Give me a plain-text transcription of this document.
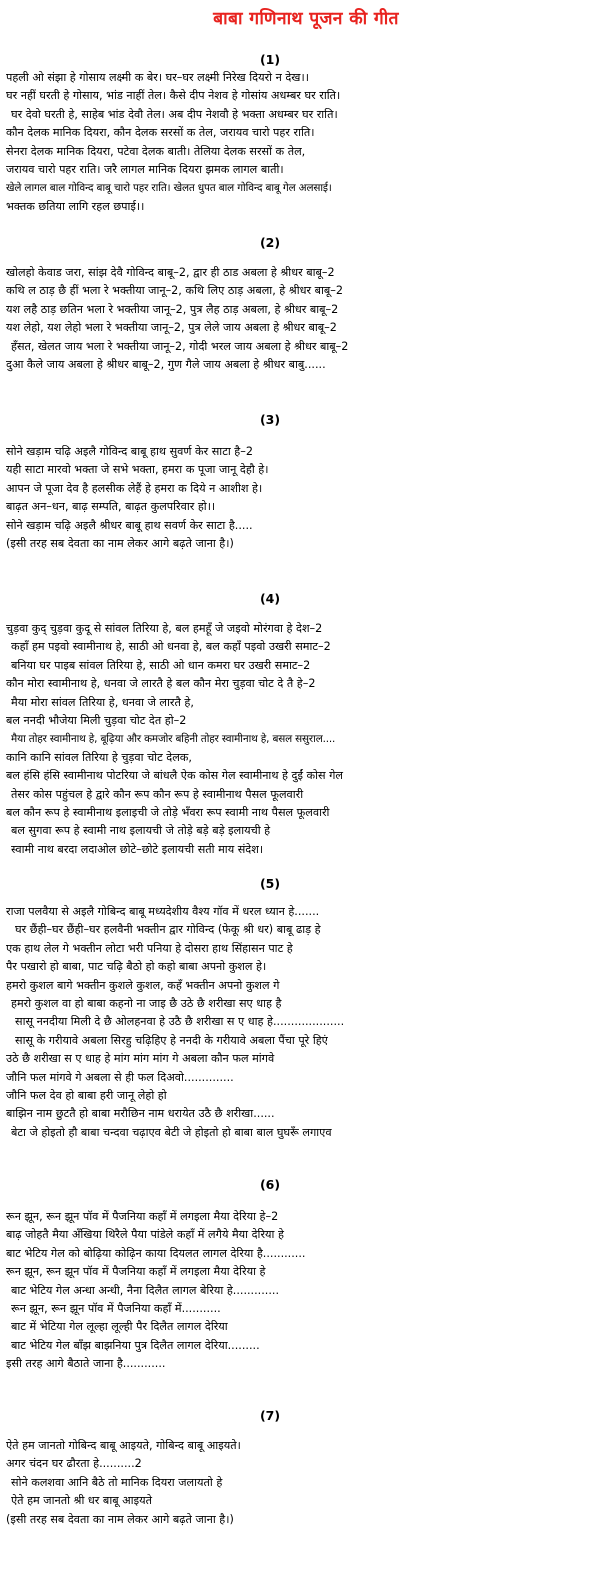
बाबा गणिनाथ पूजन की गीत
(1)
पहली ओ संझा हे गोसाय लक्ष्मी क बेर। घर–घर लक्ष्मी निरेख दियरो न देख।।
घर नहीं घरती हे गोसाय, भांड नाहीं तेल। कैसे दीप नेशव हे गोसांय अधम्बर घर राति।
घर देवो घरती हे, साहेब भांड देवौ तेल। अब दीप नेशवौ हे भक्ता अधम्बर घर राति।
कौन देलक मानिक दियरा, कौन देलक सरसों क तेल, जरायव चारो पहर राति।
सेनरा देलक मानिक दियरा, पटेवा देलक बाती। तेलिया देलक सरसों क तेल,
जरायव चारो पहर राति। जरै लागल मानिक दियरा झमक लागल बाती।
खेले लागल बाल गोविन्द बाबू चारो पहर राति। खेलत धुपत बाल गोविन्द बाबू गेल अलसाई।
भक्तक छतिया लागि रहल छपाई।।
(2)
खोलहो केवाड जरा, सांझ देवै गोविन्द बाबू–2, द्वार ही ठाड अबला हे श्रीधर बाबू–2
कथि ल ठाड़ छै हीं भला रे भक्तीया जानू–2, कथि लिए ठाड़ अबला, हे श्रीधर बाबू–2
यश लहै ठाड़ छतिन भला रे भक्तीया जानू–2, पुत्र लैह ठाड़ अबला, हे श्रीधर बाबू–2
यश लेहो, यश लेहो भला रे भक्तीया जानू–2, पुत्र लेले जाय अबला हे श्रीधर बाबू–2
हँसत, खेलत जाय भला रे भक्तीया जानू–2, गोदी भरल जाय अबला हे श्रीधर बाबू–2
दुआ कैले जाय अबला हे श्रीधर बाबू–2, गुण गैले जाय अबला हे श्रीधर बाबु......
(3)
सोने खड़ाम चढ़ि अइलै गोविन्द बाबू हाथ सुवर्ण केर साटा है–2
यही साटा मारवो भक्ता जे सभे भक्ता, हमरा क पूजा जानू देहौ हे।
आपन जे पूजा देव है हलसीक लेहैं हे हमरा क दिये न आशीश हे।
बाढ़त अन–धन, बाढ़ सम्पति, बाढ़त कुलपरिवार हो।।
सोने खड़ाम चढ़ि अइलै श्रीधर बाबू हाथ सवर्ण केर साटा है.....
(इसी तरह सब देवता का नाम लेकर आगे बढ़ते जाना है।)
(4)
चुड़वा कुद् चुड़वा कुदू से सांवल तिरिया हे, बल हमहूँ जे जइवो मोरंगवा हे देश–2
कहाँ हम पइवो स्वामीनाथ हे, साठी ओ धनवा हे, बल कहाँ पइवो उखरी समाट–2
बनिया घर पाइब सांवल तिरिया हे, साठी ओ धान कमरा घर उखरी समाट–2
कौन मोरा स्वामीनाथ हे, धनवा जे लारतै हे बल कौन मेरा चुड़वा चोट दे तै हे–2
मैया मोरा सांवल तिरिया हे, धनवा जे लारतै हे,
बल ननदी भौजेया मिली चुड़वा चोट देत हो–2
मैया तोहर स्वामीनाथ हे, बूढ़िया और कमजोर बहिनी तोहर स्वामीनाथ हे, बसल ससुराल....
कानि कानि सांवल तिरिया हे चुड़वा चोट देलक,
बल हंसि हंसि स्वामीनाथ पोटरिया जे बांधलै ऐक कोस गेल स्वामीनाथ हे दुईं कोस गेल
तेसर कोस पहुंचल हे द्वारे कौन रूप कौन रूप हे स्वामीनाथ पैसल फूलवारी
बल कौन रूप हे स्वामीनाथ इलाइची जे तोड़े भँवरा रूप स्वामी नाथ पैसल फूलवारी
बल सुगवा रूप हे स्वामी नाथ इलायची जे तोड़े बड़े बड़े इलायची हे
स्वामी नाथ बरदा लदाओल छोटे–छोटे इलायची सती माय संदेश।
(5)
राजा पलवैया से अइलै गोबिन्द बाबू मध्यदेशीय वैश्य गॉव में धरल ध्यान हे.......
घर छैंही–घर छैंही–घर हलवैनी भक्तीन द्वार गोविन्द (फेकू श्री धर) बाबू ढाड़ हे
एक हाथ लेल गे भक्तीन लोटा भरी पनिया हे दोसरा हाथ सिंहासन पाट हे
पैर पखारो हो बाबा, पाट चढ़ि बैठो हो कहो बाबा अपनो कुशल हे।
हमरो कुशल बागे भक्तीन कुशले कुशल, कहँ भक्तीन अपनो कुशल गे
हमरो कुशल वा हो बाबा कहनो ना जाइ छै उठे छै शरीखा सए धाह है
सासू ननदीया मिली दे छै ओलहनवा हे उठै छै शरीखा स ए धाह हे....................
सासू के गरीयावे अबला सिरहु चढ़िहिए हे ननदी के गरीयावे अबला पैंचा पूरे हिएं
उठे छै शरीखा स ए धाह हे मांग मांग मांग गे अबला कौन फल मांगवे
जौनि फल मांगवे गे अबला से ही फल दिअवो..............
जौनि फल देव हो बाबा हरी जानू लेहो हो
बाझिन नाम छुटतै हो बाबा मरौछिन नाम धरायेत उठै छै शरीखा......
बेटा जे होइतो हौ बाबा चन्दवा चढ़ाएव बेटी जे होइतो हो बाबा बाल घुघरूँ लगाएव
(6)
रून झून, रून झून पॉव में पैजनिया कहाँ में लगइला मैया देरिया हे–2
बाढ़ जोहतै मैया अँखिया थिरैले पैया पांडेले कहाँ में लगैये मैया देरिया हे
बाट भेटिय गेल को बोढ़िया कोढ़िन काया दियलत लागल देरिया है............
रून झून, रून झून पॉव में पैजनिया कहाँ में लगइला मैया देरिया हे
बाट भेटिय गेल अन्धा अन्धी, नैना दिलैत लागल बेरिया हे.............
रून झून, रून झून पॉव में पैजनिया कहाँ में...........
बाट में भेटिया गेल लूल्हा लूल्ही पैर दिलैत लागल देरिया
बाट भेटिय गेल बाँझ बाझनिया पुत्र दिलैत लागल देरिया.........
इसी तरह आगे बैठाते जाना है............
(7)
ऐते हम जानतो गोबिन्द बाबू आइयते, गोबिन्द बाबू आइयते।
अगर चंदन घर ढौरता हे..........2
सोने कलशवा आनि बैठे तो मानिक दियरा जलायतो हे
ऐते हम जानतो श्री धर बाबू आइयते
(इसी तरह सब देवता का नाम लेकर आगे बढ़ते जाना है।)
